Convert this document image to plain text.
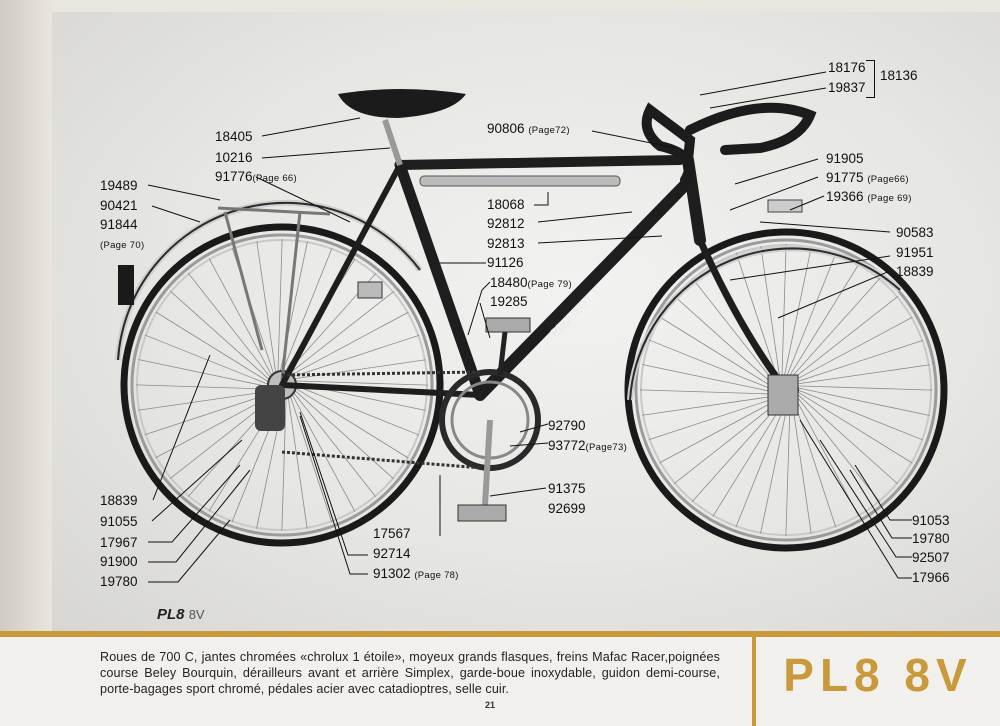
PEUGEOT
18176
19837
18136
18405
10216
91776(Page 66)
90806 (Page72)
19489
90421
91844
(Page 70)
91905
91775 (Page66)
19366 (Page 69)
18068
92812
92813
90583
91951
18839
91126
18480(Page 79)
19285
92790
93772(Page73)
91375
92699
17567
92714
91302 (Page 78)
18839
91055
17967
91900
19780
91053
19780
92507
17966
PL8 8V
Roues de 700 C, jantes chromées «chrolux 1 étoile», moyeux grands flasques, freins Mafac Racer,poignées course Beley Bourquin, dérailleurs avant et arrière Simplex, garde-boue inoxydable, guidon demi-course, porte-bagages sport chromé, pédales acier avec catadioptres, selle cuir.
21
PL8 8V
